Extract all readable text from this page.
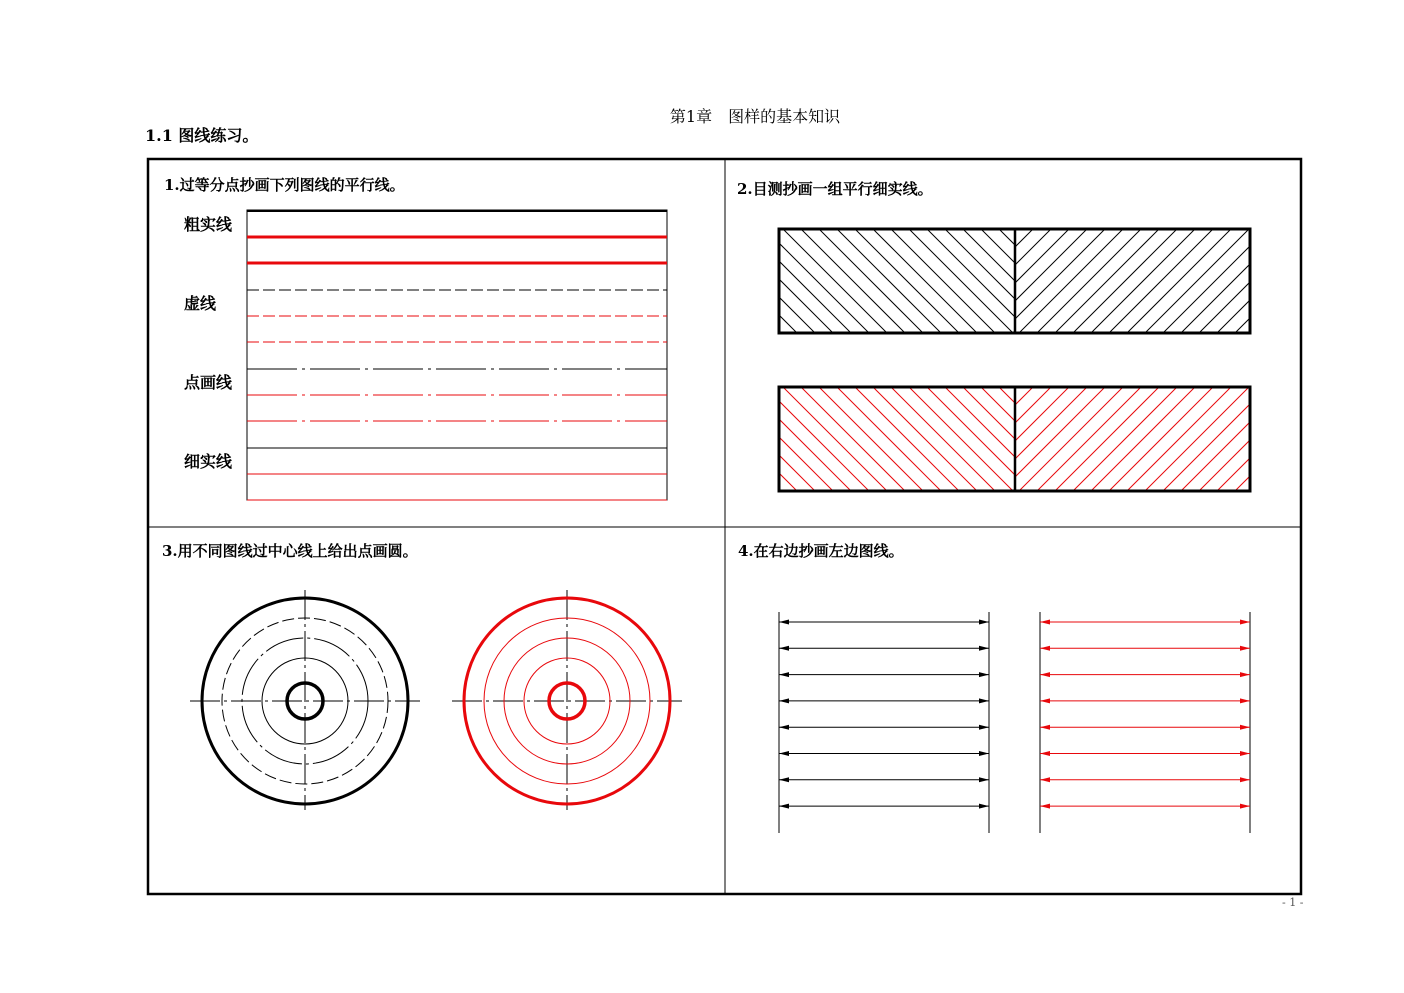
第1章　图样的基本知识
1.1 图线练习。
1.过等分点抄画下列图线的平行线。	2.目测抄画一组平行细实线。
3.用不同图线过中心线上给出点画圆。	4.在右边抄画左边图线。
粗实线
虚线
点画线
细实线
- 1 -
